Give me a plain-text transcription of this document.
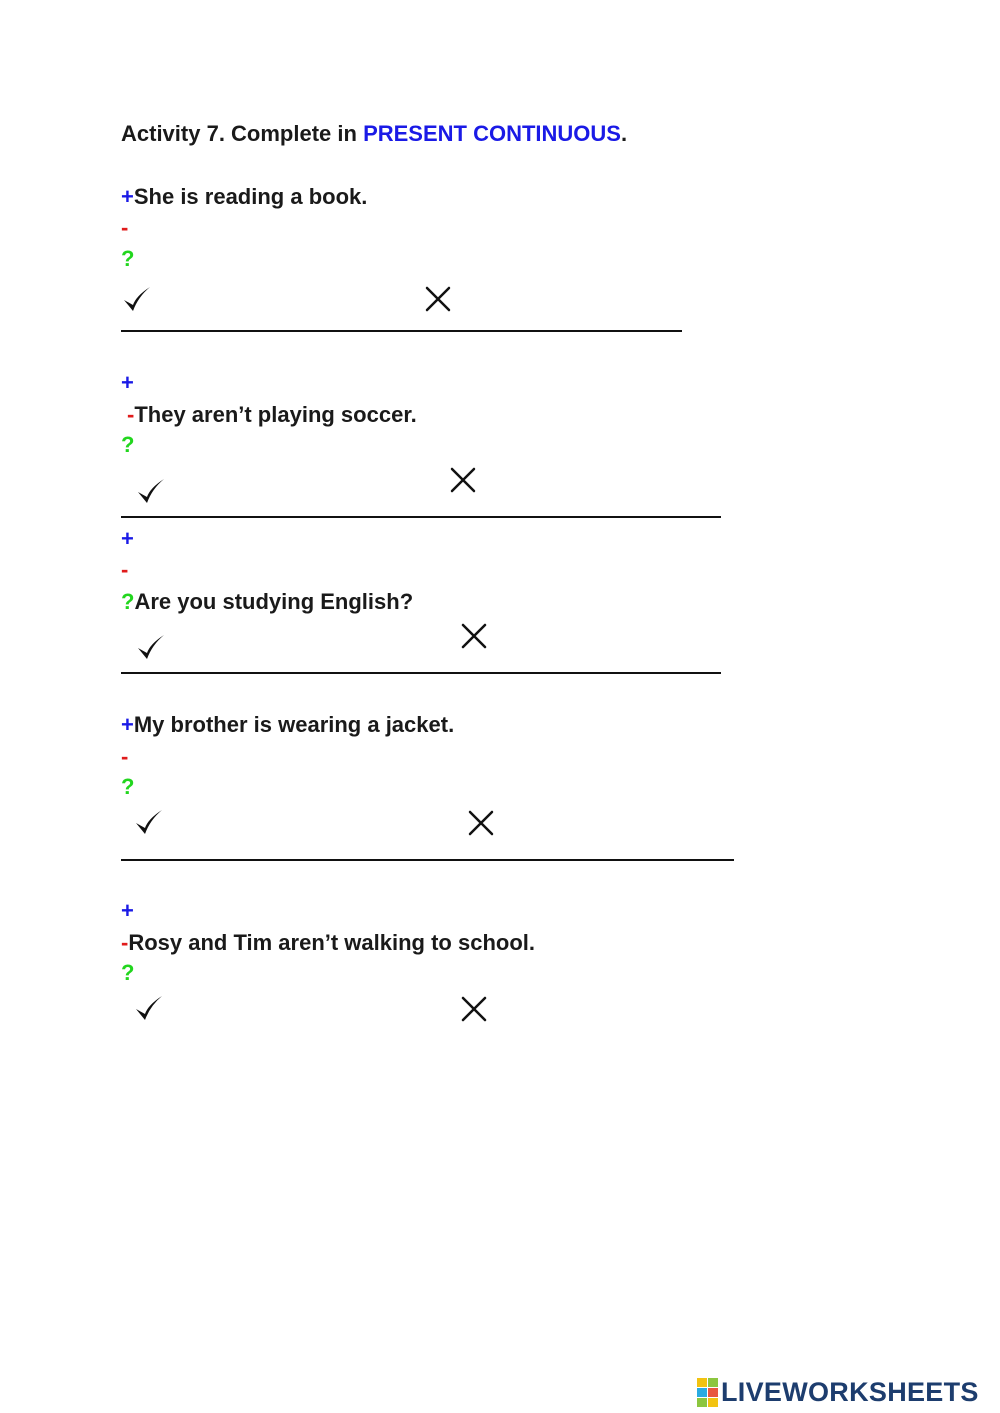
Activity 7. Complete in PRESENT CONTINUOUS.
+She is reading a book.
-
?
+
-They aren’t playing soccer.
?
+
-
?Are you studying English?
+My brother is wearing a jacket.
-
?
+
-Rosy and Tim aren’t walking to school.
?
LIVEWORKSHEETS
